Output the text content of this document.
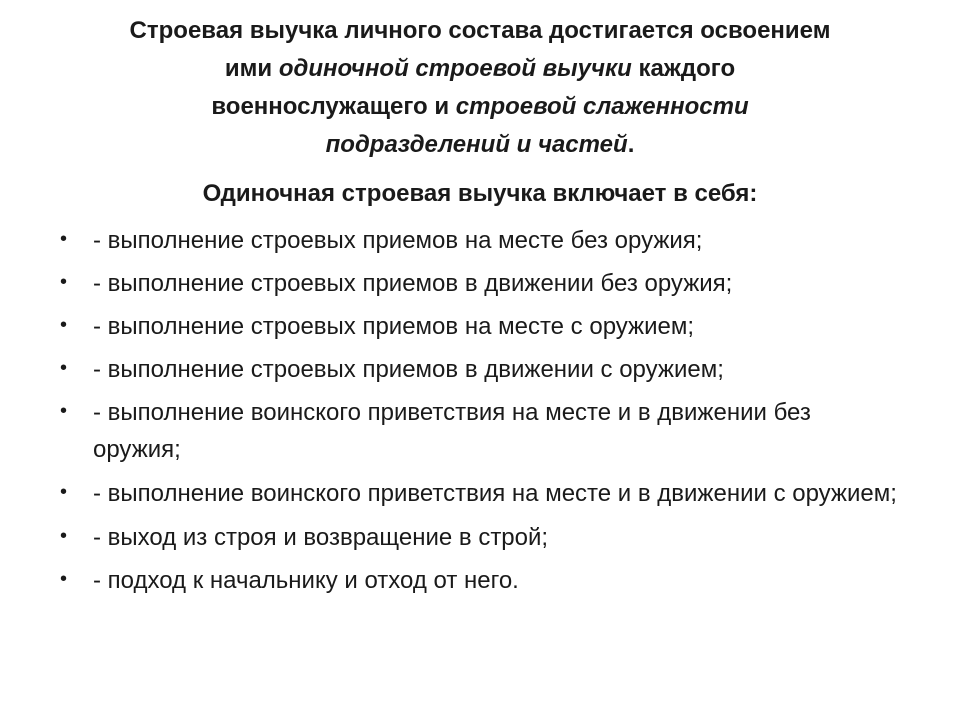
Строевая выучка личного состава достигается освоением
ими одиночной строевой выучки каждого
военнослужащего и строевой слаженности
подразделений и частей.
Одиночная строевая выучка включает в себя:
• - выполнение строевых приемов на месте без оружия;
• - выполнение строевых приемов в движении без оружия;
• - выполнение строевых приемов на месте с оружием;
• - выполнение строевых приемов в движении с оружием;
• - выполнение воинского приветствия на месте и в движении без оружия;
• - выполнение воинского приветствия на месте и в движении с оружием;
• - выход из строя и возвращение в строй;
• - подход к начальнику и отход от него.
